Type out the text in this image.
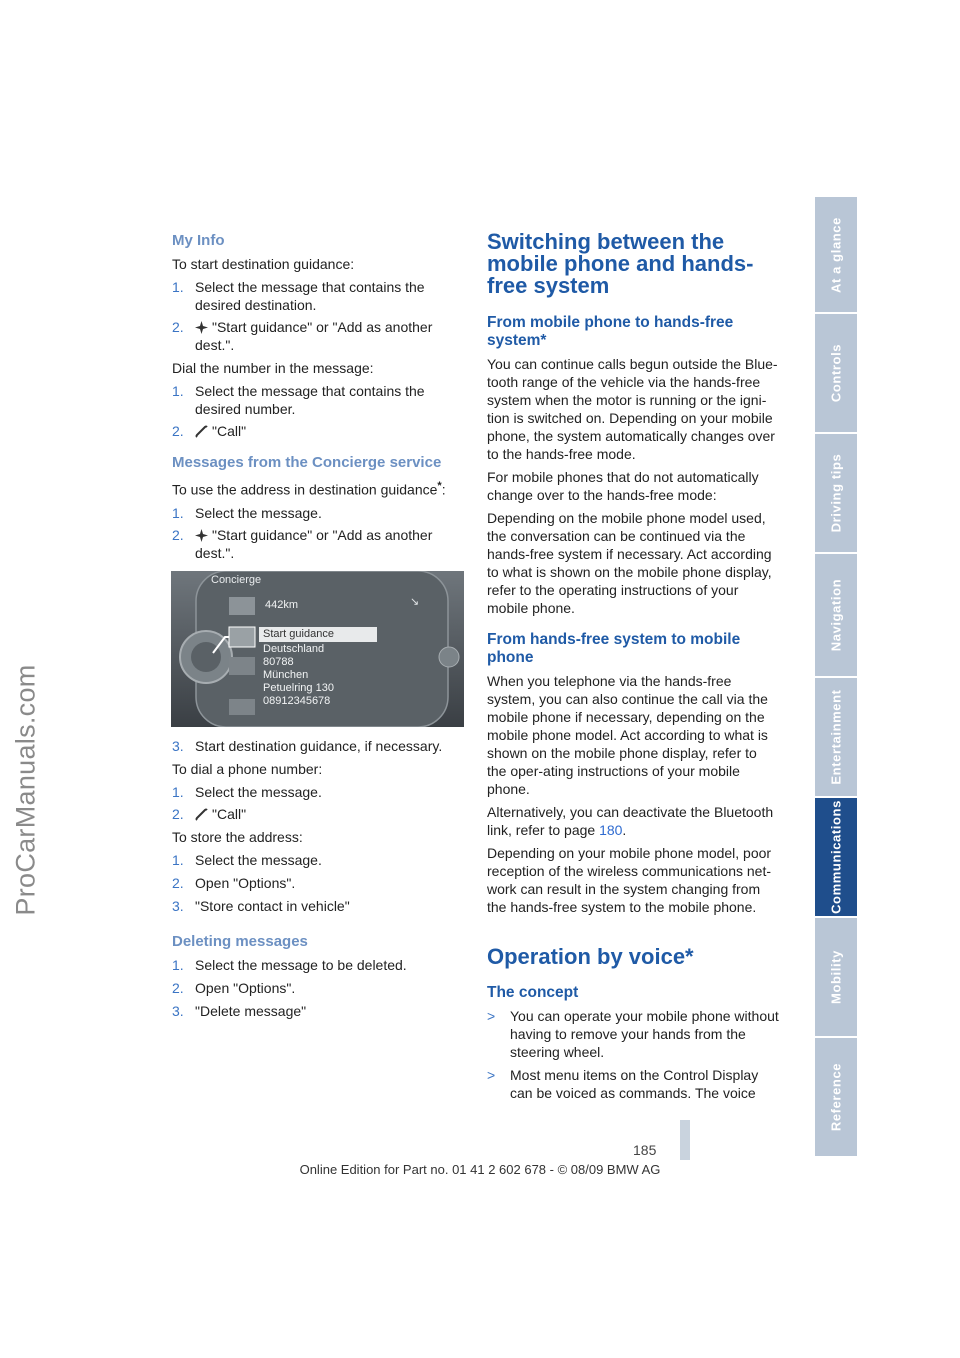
ProCarManuals.com
At a glance
Controls
Driving tips
Navigation
Entertainment
Communications
Mobility
Reference
My Info

To start destination guidance:

1. Select the message that contains the desired destination.
2. "Start guidance" or "Add as another dest.".

Dial the number in the message:

1. Select the message that contains the desired number.
2. "Call"
Messages from the Concierge service

To use the address in destination guidance*:

1. Select the message.
2. "Start guidance" or "Add as another dest.".
Concierge
442km	↘
Start guidance
Deutschland
80788
München
Petuelring 130
08912345678
3. Start destination guidance, if necessary.

To dial a phone number:

1. Select the message.
2. "Call"

To store the address:

1. Select the message.
2. Open "Options".
3. "Store contact in vehicle"
Deleting messages
1. Select the message to be deleted.
2. Open "Options".
3. "Delete message"
Switching between the mobile phone and hands-free system
From mobile phone to hands-free system*

You can continue calls begun outside the Blue-tooth range of the vehicle via the hands-free system when the motor is running or the igni-tion is switched on. Depending on your mobile phone, the system automatically changes over to the hands-free mode.

For mobile phones that do not automatically change over to the hands-free mode:

Depending on the mobile phone model used, the conversation can be continued via the hands-free system if necessary. Act according to what is shown on the mobile phone display, refer to the operating instructions of your mobile phone.

From hands-free system to mobile phone

When you telephone via the hands-free system, you can also continue the call via the mobile phone if necessary, depending on the mobile phone model. Act according to what is shown on the mobile phone display, refer to the oper-ating instructions of your mobile phone.

Alternatively, you can deactivate the Bluetooth link, refer to page 180.

Depending on your mobile phone model, poor reception of the wireless communications net-work can result in the system changing from the hands-free system to the mobile phone.

Operation by voice*
The concept
> You can operate your mobile phone without having to remove your hands from the steering wheel.
> Most menu items on the Control Display can be voiced as commands. The voice
185
Online Edition for Part no. 01 41 2 602 678 - © 08/09 BMW AG
